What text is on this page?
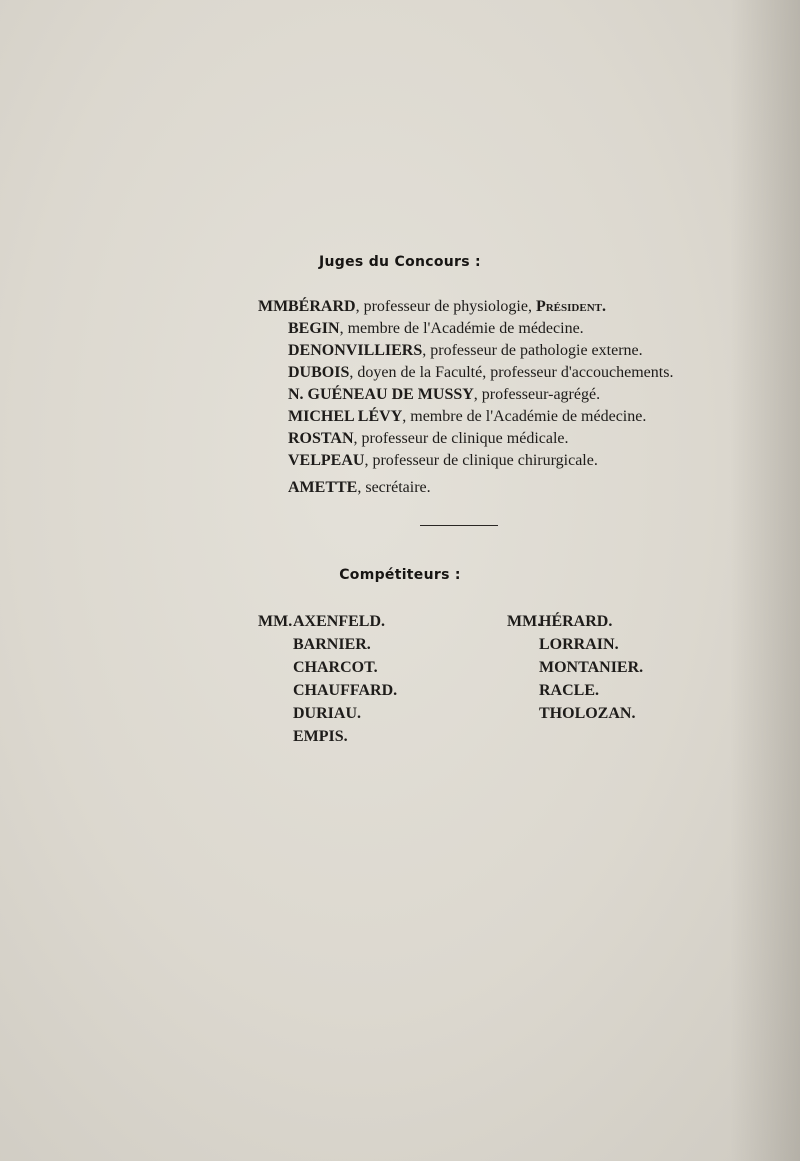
Juges du Concours :
MM.
BÉRARD, professeur de physiologie, Président.
BEGIN, membre de l'Académie de médecine.
DENONVILLIERS, professeur de pathologie externe.
DUBOIS, doyen de la Faculté, professeur d'accouchements.
N. GUÉNEAU DE MUSSY, professeur-agrégé.
MICHEL LÉVY, membre de l'Académie de médecine.
ROSTAN, professeur de clinique médicale.
VELPEAU, professeur de clinique chirurgicale.
AMETTE, secrétaire.
Compétiteurs :
MM. AXENFELD.
BARNIER.
CHARCOT.
CHAUFFARD.
DURIAU.
EMPIS.
MM.
HÉRARD.
LORRAIN.
MONTANIER.
RACLE.
THOLOZAN.
